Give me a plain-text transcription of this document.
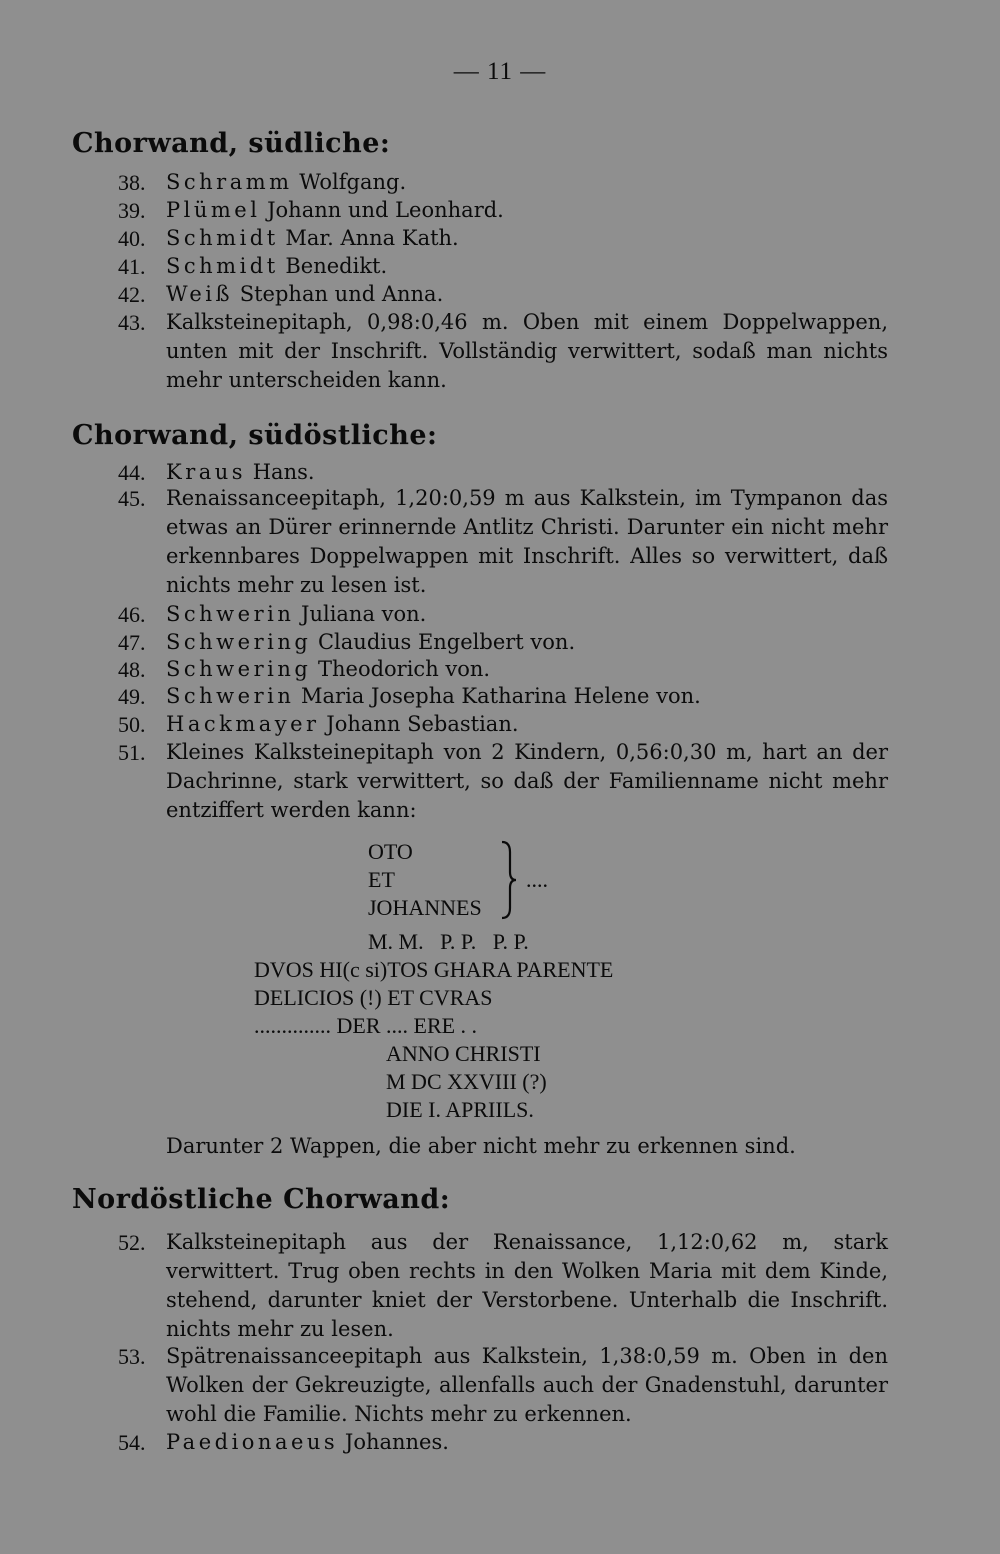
— 11 —
Chorwand, südliche:
38. Schramm Wolfgang.
39. Plümel Johann und Leonhard.
40. Schmidt Mar. Anna Kath.
41. Schmidt Benedikt.
42. Weiß Stephan und Anna.
43. Kalksteinepitaph, 0,98:0,46 m. Oben mit einem Doppelwappen, unten mit der Inschrift. Vollständig verwittert, sodaß man nichts mehr unterscheiden kann.
Chorwand, südöstliche:
44. Kraus Hans.
45. Renaissanceepitaph, 1,20:0,59 m aus Kalkstein, im Tympanon das etwas an Dürer erinnernde Antlitz Christi. Darunter ein nicht mehr erkennbares Doppelwappen mit Inschrift. Alles so verwittert, daß nichts mehr zu lesen ist.
46. Schwerin Juliana von.
47. Schwering Claudius Engelbert von.
48. Schwering Theodorich von.
49. Schwerin Maria Josepha Katharina Helene von.
50. Hackmayer Johann Sebastian.
51. Kleines Kalksteinepitaph von 2 Kindern, 0,56:0,30 m, hart an der Dachrinne, stark verwittert, so daß der Familienname nicht mehr entziffert werden kann:
OTO
ET
JOHANNES
....
M. M.   P. P.   P. P.
DVOS HI(c si)TOS GHARA PARENTE
DELICIOS (!) ET CVRAS
.............. DER .... ERE . .
ANNO CHRISTI
M DC XXVIII (?)
DIE I. APRIILS.
Darunter 2 Wappen, die aber nicht mehr zu erkennen sind.
Nordöstliche Chorwand:
52. Kalksteinepitaph aus der Renaissance, 1,12:0,62 m, stark verwittert. Trug oben rechts in den Wolken Maria mit dem Kinde, stehend, darunter kniet der Verstorbene. Unterhalb die Inschrift. nichts mehr zu lesen.
53. Spätrenaissanceepitaph aus Kalkstein, 1,38:0,59 m. Oben in den Wolken der Gekreuzigte, allenfalls auch der Gnadenstuhl, darunter wohl die Familie. Nichts mehr zu erkennen.
54. Paedionaeus Johannes.
